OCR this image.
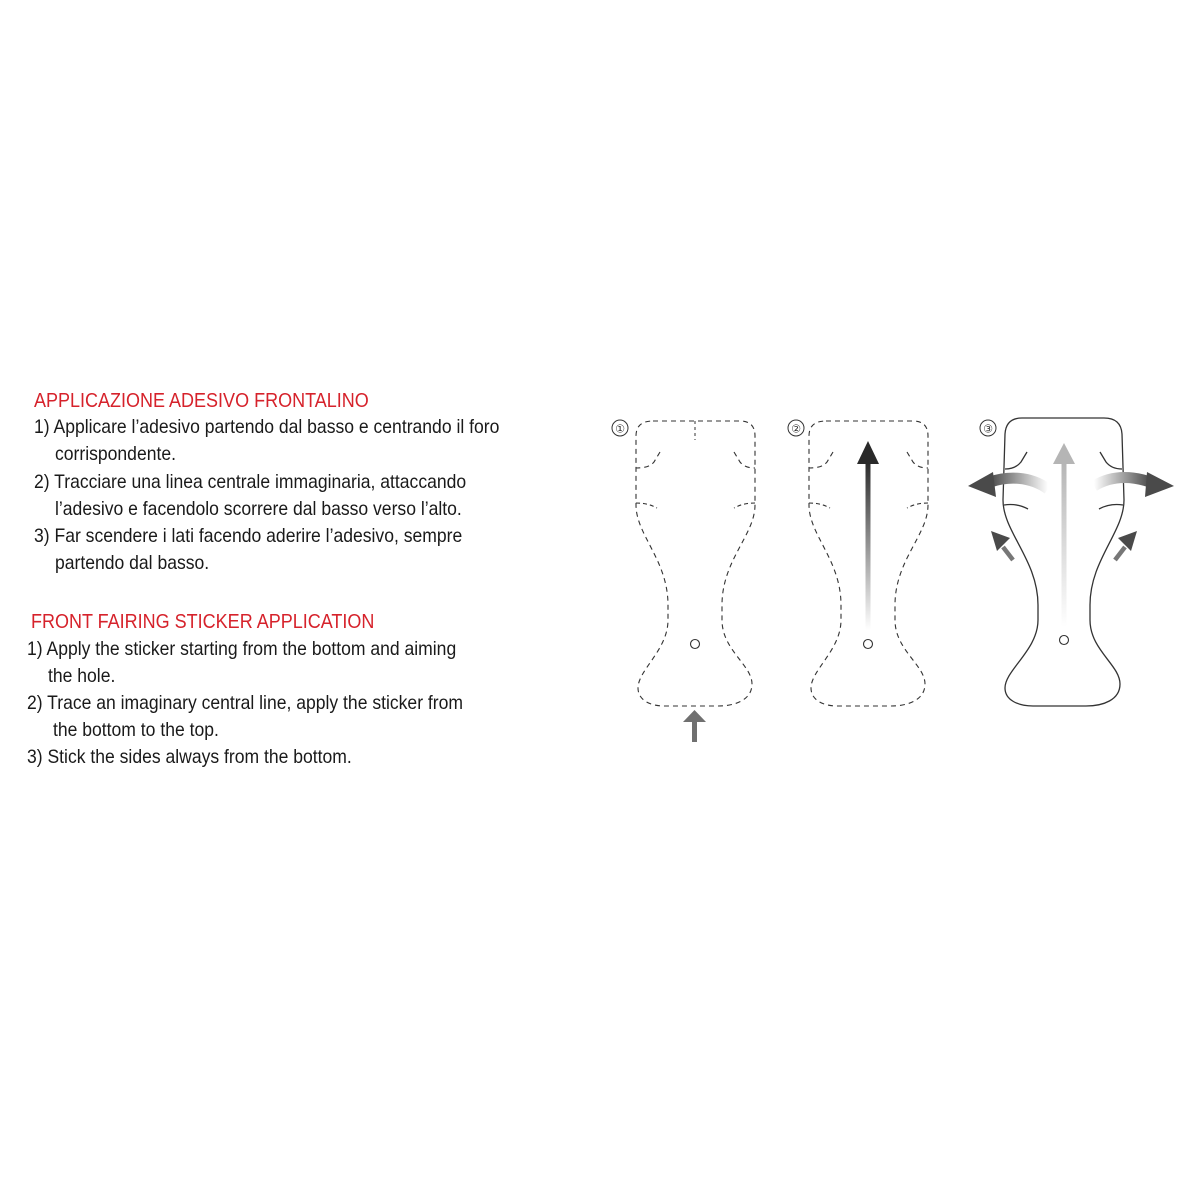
APPLICAZIONE ADESIVO FRONTALINO
1) Applicare l’adesivo partendo dal basso e centrando il foro
corrispondente.
2) Tracciare una linea centrale immaginaria, attaccando
l’adesivo e facendolo scorrere dal basso verso l’alto.
3) Far scendere i lati facendo aderire l’adesivo, sempre
partendo dal basso.
FRONT FAIRING STICKER APPLICATION
1) Apply the sticker starting from the bottom and aiming
the hole.
2) Trace an imaginary central line, apply the sticker from
the bottom to the top.
3) Stick the sides always from the bottom.
①	②	③
